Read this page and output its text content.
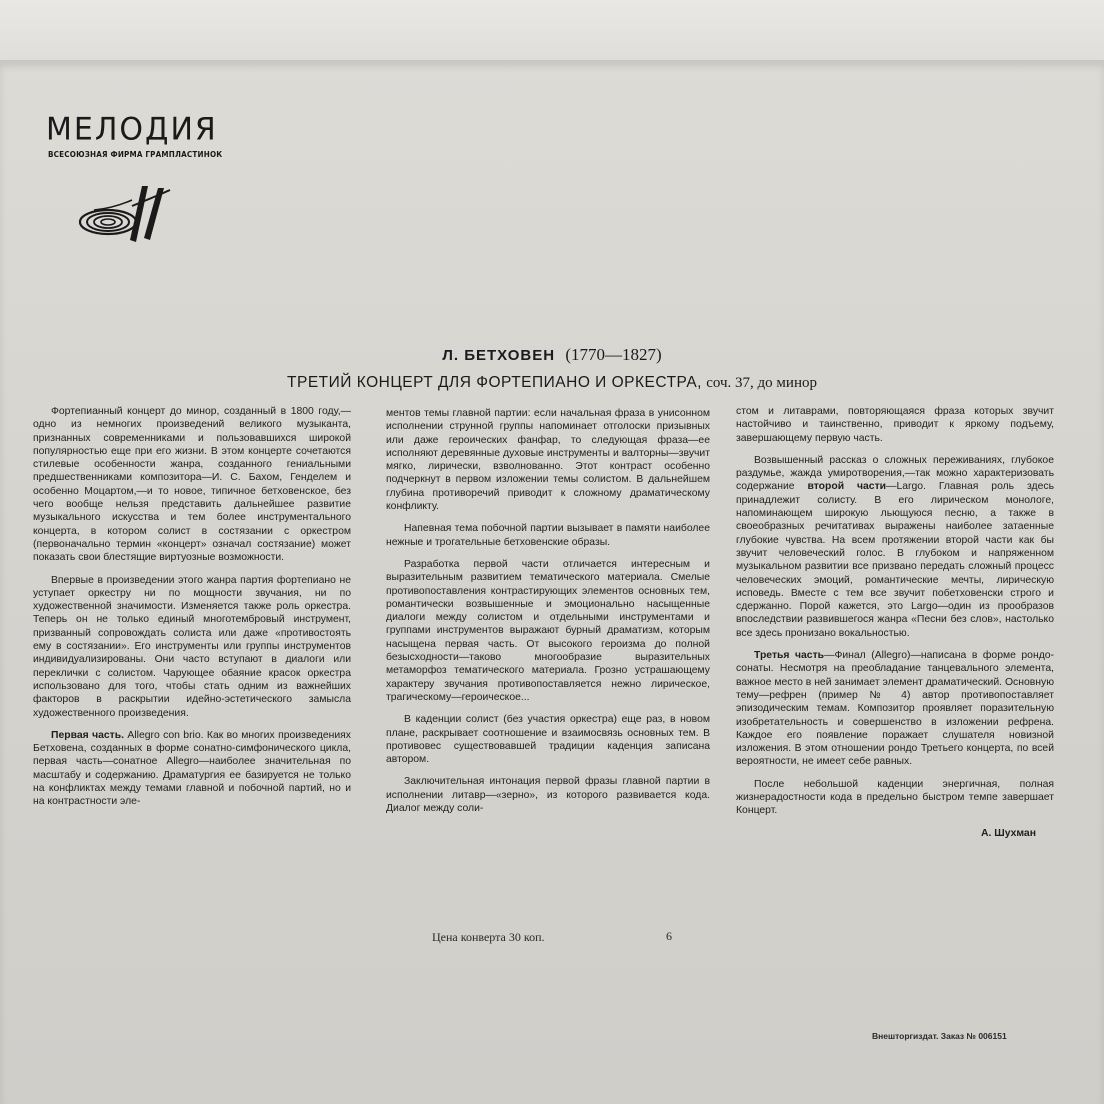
МЕЛОДИЯ
ВСЕСОЮЗНАЯ ФИРМА ГРАМПЛАСТИНОК
Л. БЕТХОВЕН (1770—1827)
ТРЕТИЙ КОНЦЕРТ ДЛЯ ФОРТЕПИАНО И ОРКЕСТРА, соч. 37, до минор

Фортепианный концерт до минор, созданный в 1800 году,—одно из немногих произведений великого музыканта, признанных современниками и пользовавшихся широкой популярностью еще при его жизни. В этом концерте сочетаются стилевые особенности жанра, созданного гениальными предшественниками композитора—И. С. Бахом, Генделем и особенно Моцартом,—и то новое, типичное бетховенское, без чего вообще нельзя представить дальнейшее развитие музыкального искусства и тем более инструментального концерта, в котором солист в состязании с оркестром (первоначально термин «концерт» означал состязание) может показать свои блестящие виртуозные возможности.

Впервые в произведении этого жанра партия фортепиано не уступает оркестру ни по мощности звучания, ни по художественной значимости. Изменяется также роль оркестра. Теперь он не только единый многотембровый инструмент, призванный сопровождать солиста или даже «противостоять ему в состязании». Его инструменты или группы инструментов индивидуализированы. Они часто вступают в диалоги или переклички с солистом. Чарующее обаяние красок оркестра использовано для того, чтобы стать одним из важнейших факторов в раскрытии идейно-эстетического замысла художественного произведения.

Первая часть. Allegro con brio. Как во многих произведениях Бетховена, созданных в форме сонатно-симфонического цикла, первая часть—сонатное Allegro—наиболее значительная по масштабу и содержанию. Драматургия ее базируется не только на конфликтах между темами главной и побочной партий, но и на контрастности эле-

ментов темы главной партии: если начальная фраза в унисонном исполнении струнной группы напоминает отголоски призывных или даже героических фанфар, то следующая фраза—ее исполняют деревянные духовые инструменты и валторны—звучит мягко, лирически, взволнованно. Этот контраст особенно подчеркнут в первом изложении темы солистом. В дальнейшем глубина противоречий приводит к сложному драматическому конфликту.

Напевная тема побочной партии вызывает в памяти наиболее нежные и трогательные бетховенские образы.

Разработка первой части отличается интересным и выразительным развитием тематического материала. Смелые противопоставления контрастирующих элементов основных тем, романтически возвышенные и эмоционально насыщенные диалоги между солистом и отдельными инструментами и группами инструментов выражают бурный драматизм, которым насыщена первая часть. От высокого героизма до полной безысходности—таково многообразие выразительных метаморфоз тематического материала. Грозно устрашающему характеру звучания противопоставляется нежно лирическое, трагическому—героическое...

В каденции солист (без участия оркестра) еще раз, в новом плане, раскрывает соотношение и взаимосвязь основных тем. В противовес существовавшей традиции каденция записана автором.

Заключительная интонация первой фразы главной партии в исполнении литавр—«зерно», из которого развивается кода. Диалог между соли-

стом и литаврами, повторяющаяся фраза которых звучит настойчиво и таинственно, приводит к яркому подъему, завершающему первую часть.

Возвышенный рассказ о сложных переживаниях, глубокое раздумье, жажда умиротворения,—так можно характеризовать содержание второй части—Largo. Главная роль здесь принадлежит солисту. В его лирическом монологе, напоминающем широкую льющуюся песню, а также в своеобразных речитативах выражены наиболее затаенные глубокие чувства. На всем протяжении второй части как бы звучит человеческий голос. В глубоком и напряженном музыкальном развитии все призвано передать сложный процесс человеческих эмоций, романтические мечты, лирическую исповедь. Вместе с тем все звучит побетховенски строго и сдержанно. Порой кажется, это Largo—один из прообразов впоследствии развившегося жанра «Песни без слов», настолько все здесь пронизано вокальностью.

Третья часть—Финал (Allegro)—написана в форме рондо-сонаты. Несмотря на преобладание танцевального элемента, важное место в ней занимает элемент драматический. Основную тему—рефрен (пример № 4) автор противопоставляет эпизодическим темам. Композитор проявляет поразительную изобретательность и совершенство в изложении рефрена. Каждое его появление поражает слушателя новизной изложения. В этом отношении рондо Третьего концерта, по всей вероятности, не имеет себе равных.

После небольшой каденции энергичная, полная жизнерадостности кода в предельно быстром темпе завершает Концерт.

А. Шухман
Цена конверта 30 коп.	6
Внешторгиздат. Заказ № 006151
